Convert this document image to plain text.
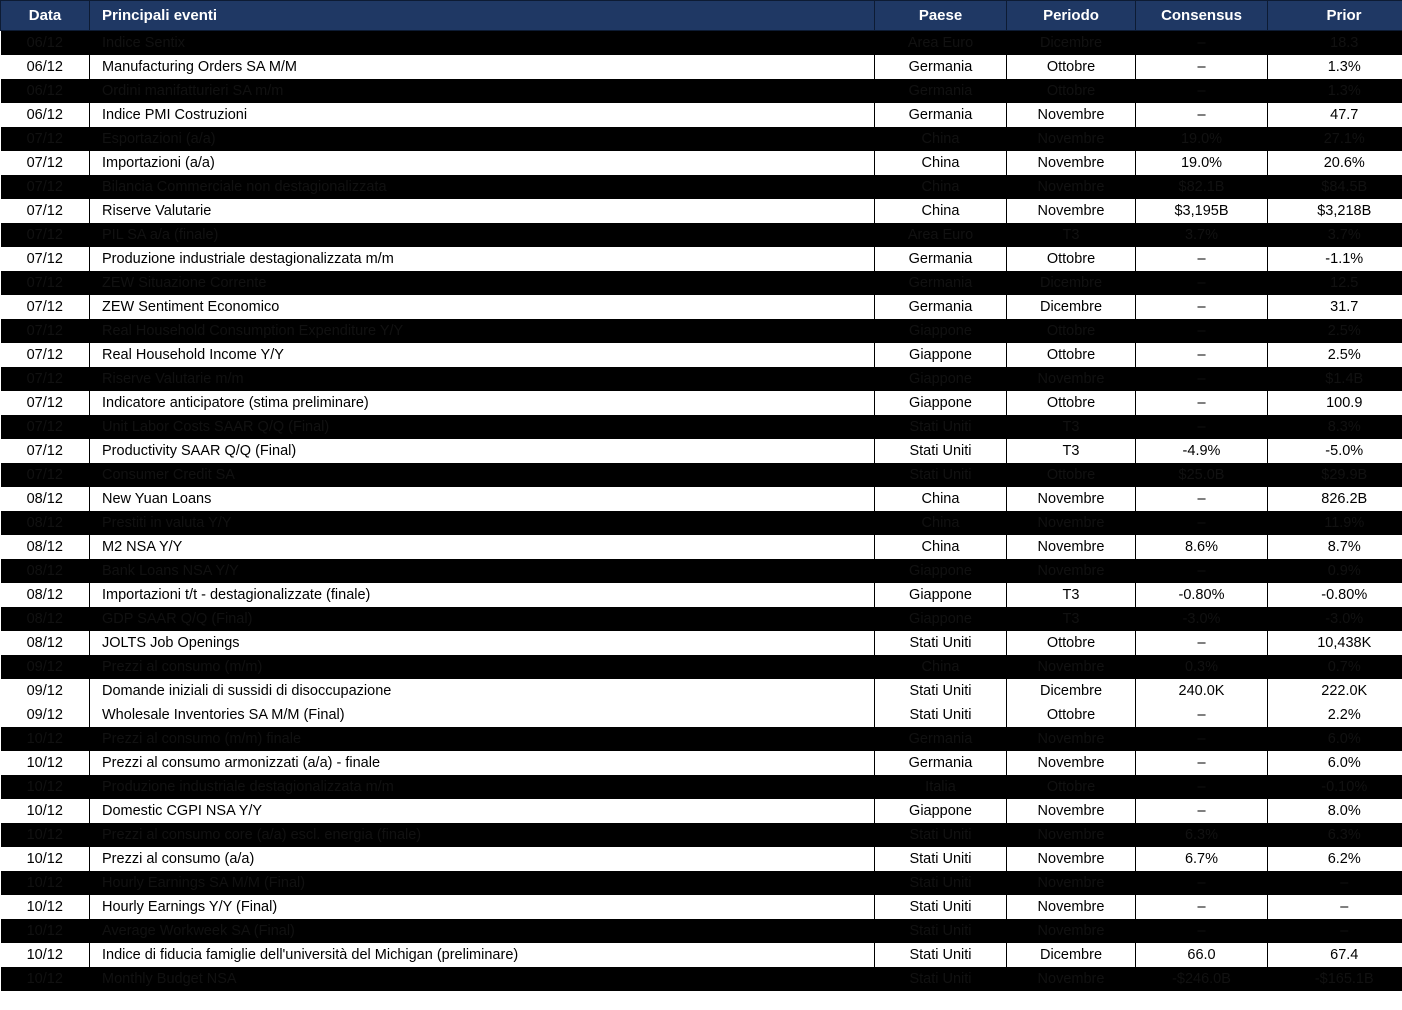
Data	Principali eventi	Paese	Periodo	Consensus	Prior
06/12	Indice Sentix	Area Euro	Dicembre	–	18.3
06/12	Manufacturing Orders SA M/M	Germania	Ottobre	–	1.3%
06/12	Ordini manifatturieri SA m/m	Germania	Ottobre	–	1.3%
06/12	Indice PMI Costruzioni	Germania	Novembre	–	47.7
07/12	Esportazioni (a/a)	China	Novembre	19.0%	27.1%
07/12	Importazioni (a/a)	China	Novembre	19.0%	20.6%
07/12	Bilancia Commerciale non destagionalizzata	China	Novembre	$82.1B	$84.5B
07/12	Riserve Valutarie	China	Novembre	$3,195B	$3,218B
07/12	PIL SA a/a (finale)	Area Euro	T3	3.7%	3.7%
07/12	Produzione industriale destagionalizzata m/m	Germania	Ottobre	–	-1.1%
07/12	ZEW Situazione Corrente	Germania	Dicembre	–	12.5
07/12	ZEW Sentiment Economico	Germania	Dicembre	–	31.7
07/12	Real Household Consumption Expenditure Y/Y	Giappone	Ottobre	–	2.5%
07/12	Real Household Income Y/Y	Giappone	Ottobre	–	2.5%
07/12	Riserve Valutarie m/m	Giappone	Novembre	–	$1.4B
07/12	Indicatore anticipatore (stima preliminare)	Giappone	Ottobre	–	100.9
07/12	Unit Labor Costs SAAR Q/Q (Final)	Stati Uniti	T3	–	8.3%
07/12	Productivity SAAR Q/Q (Final)	Stati Uniti	T3	-4.9%	-5.0%
07/12	Consumer Credit SA	Stati Uniti	Ottobre	$25.0B	$29.9B
08/12	New Yuan Loans	China	Novembre	–	826.2B
08/12	Prestiti in valuta Y/Y	China	Novembre	–	11.9%
08/12	M2 NSA Y/Y	China	Novembre	8.6%	8.7%
08/12	Bank Loans NSA Y/Y	Giappone	Novembre	–	0.9%
08/12	Importazioni t/t - destagionalizzate (finale)	Giappone	T3	-0.80%	-0.80%
08/12	GDP SAAR Q/Q (Final)	Giappone	T3	-3.0%	-3.0%
08/12	JOLTS Job Openings	Stati Uniti	Ottobre	–	10,438K
09/12	Prezzi al consumo (m/m)	China	Novembre	0.3%	0.7%
09/12	Domande iniziali di sussidi di disoccupazione	Stati Uniti	Dicembre	240.0K	222.0K
09/12	Wholesale Inventories SA M/M (Final)	Stati Uniti	Ottobre	–	2.2%
10/12	Prezzi al consumo (m/m) finale	Germania	Novembre	–	6.0%
10/12	Prezzi al consumo armonizzati (a/a) - finale	Germania	Novembre	–	6.0%
10/12	Produzione industriale destagionalizzata m/m	Italia	Ottobre	–	-0.10%
10/12	Domestic CGPI NSA Y/Y	Giappone	Novembre	–	8.0%
10/12	Prezzi al consumo core (a/a) escl. energia (finale)	Stati Uniti	Novembre	6.3%	6.3%
10/12	Prezzi al consumo (a/a)	Stati Uniti	Novembre	6.7%	6.2%
10/12	Hourly Earnings SA M/M (Final)	Stati Uniti	Novembre	–	–
10/12	Hourly Earnings Y/Y (Final)	Stati Uniti	Novembre	–	–
10/12	Average Workweek SA (Final)	Stati Uniti	Novembre	–	–
10/12	Indice di fiducia famiglie dell'università del Michigan (preliminare)	Stati Uniti	Dicembre	66.0	67.4
10/12	Monthly Budget NSA	Stati Uniti	Novembre	-$246.0B	-$165.1B
